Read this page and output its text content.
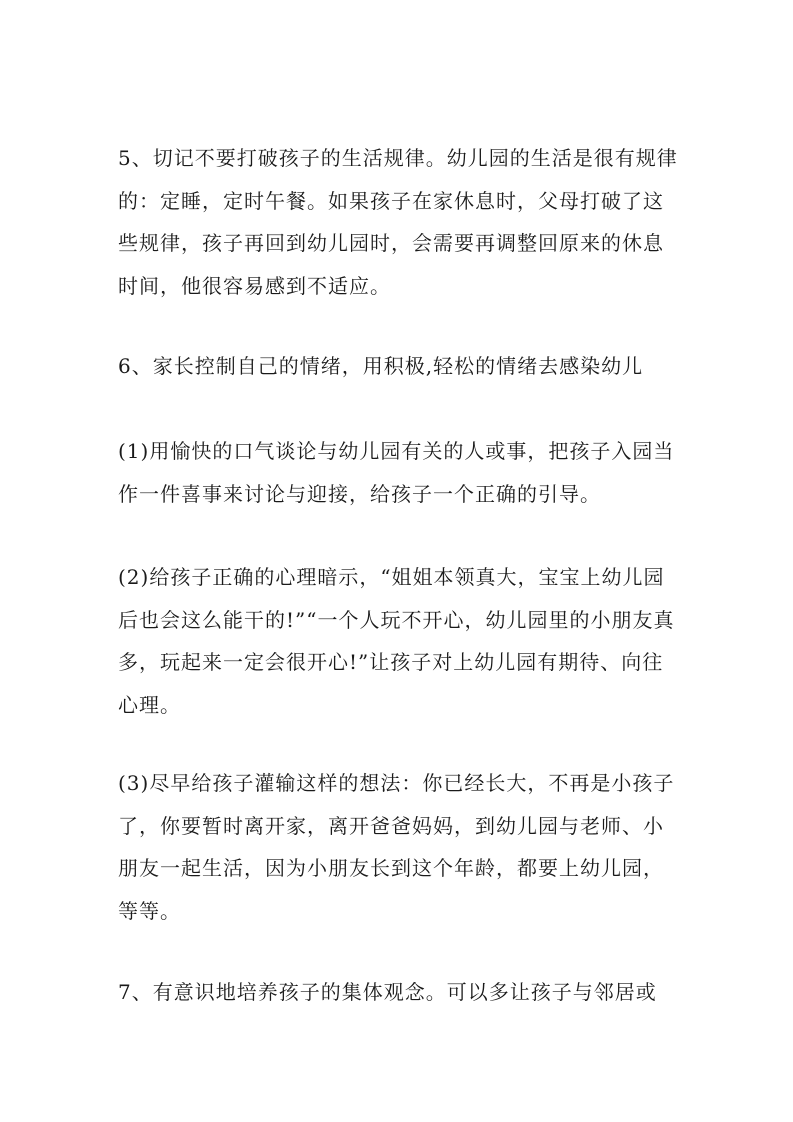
5、切记不要打破孩子的生活规律。幼儿园的生活是很有规律的：定睡，定时午餐。如果孩子在家休息时，父母打破了这些规律，孩子再回到幼儿园时，会需要再调整回原来的休息时间，他很容易感到不适应。

6、家长控制自己的情绪，用积极,轻松的情绪去感染幼儿

(1)用愉快的口气谈论与幼儿园有关的人或事，把孩子入园当作一件喜事来讨论与迎接，给孩子一个正确的引导。

(2)给孩子正确的心理暗示，“姐姐本领真大，宝宝上幼儿园后也会这么能干的!”“一个人玩不开心，幼儿园里的小朋友真多，玩起来一定会很开心!”让孩子对上幼儿园有期待、向往心理。

(3)尽早给孩子灌输这样的想法：你已经长大，不再是小孩子了，你要暂时离开家，离开爸爸妈妈，到幼儿园与老师、小朋友一起生活，因为小朋友长到这个年龄，都要上幼儿园，等等。

7、有意识地培养孩子的集体观念。可以多让孩子与邻居或
